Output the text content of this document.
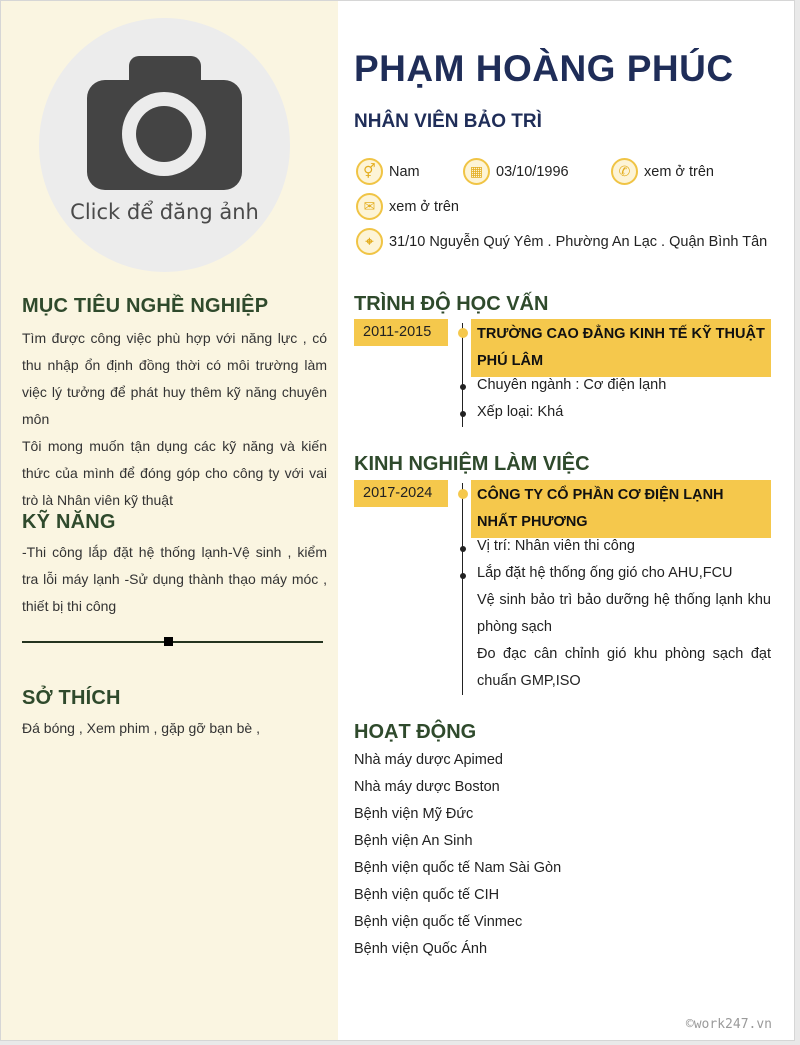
Click để đăng ảnh
MỤC TIÊU NGHỀ NGHIỆP
Tìm được công việc phù hợp với năng lực , có thu nhập ổn định đồng thời có môi trường làm việc lý tưởng để phát huy thêm kỹ năng chuyên môn
Tôi mong muốn tận dụng các kỹ năng và kiến thức của mình để đóng góp cho công ty với vai trò là Nhân viên kỹ thuật
KỸ NĂNG
-Thi công lắp đặt hệ thống lạnh-Vệ sinh , kiểm tra lỗi máy lạnh -Sử dụng thành thạo máy móc , thiết bị thi công
SỞ THÍCH
Đá bóng , Xem phim , gặp gỡ bạn bè ,
PHẠM HOÀNG PHÚC
NHÂN VIÊN BẢO TRÌ
⚥ Nam	▦ 03/10/1996	✆ xem ở trên
✉ xem ở trên
⌖	31/10 Nguyễn Quý Yêm . Phường An Lạc . Quận Bình Tân
TRÌNH ĐỘ HỌC VẤN
2011-2015	TRƯỜNG CAO ĐẲNG KINH TẾ KỸ THUẬT PHÚ LÂM
Chuyên ngành : Cơ điện lạnh
Xếp loại: Khá
KINH NGHIỆM LÀM VIỆC
2017-2024	CÔNG TY CỔ PHẦN CƠ ĐIỆN LẠNH NHẤT PHƯƠNG
Vị trí: Nhân viên thi công
Lắp đặt hệ thống ống gió cho AHU,FCU
Vệ sinh bảo trì bảo dưỡng hệ thống lạnh khu phòng sạch
Đo đạc cân chỉnh gió khu phòng sạch đạt chuẩn GMP,ISO
HOẠT ĐỘNG
Nhà máy dược Apimed
Nhà máy dược Boston
Bệnh viện Mỹ Đức
Bệnh viện An Sinh
Bệnh viện quốc tế Nam Sài Gòn
Bệnh viện quốc tế CIH
Bệnh viện quốc tế Vinmec
Bệnh viện Quốc Ánh
©work247.vn
